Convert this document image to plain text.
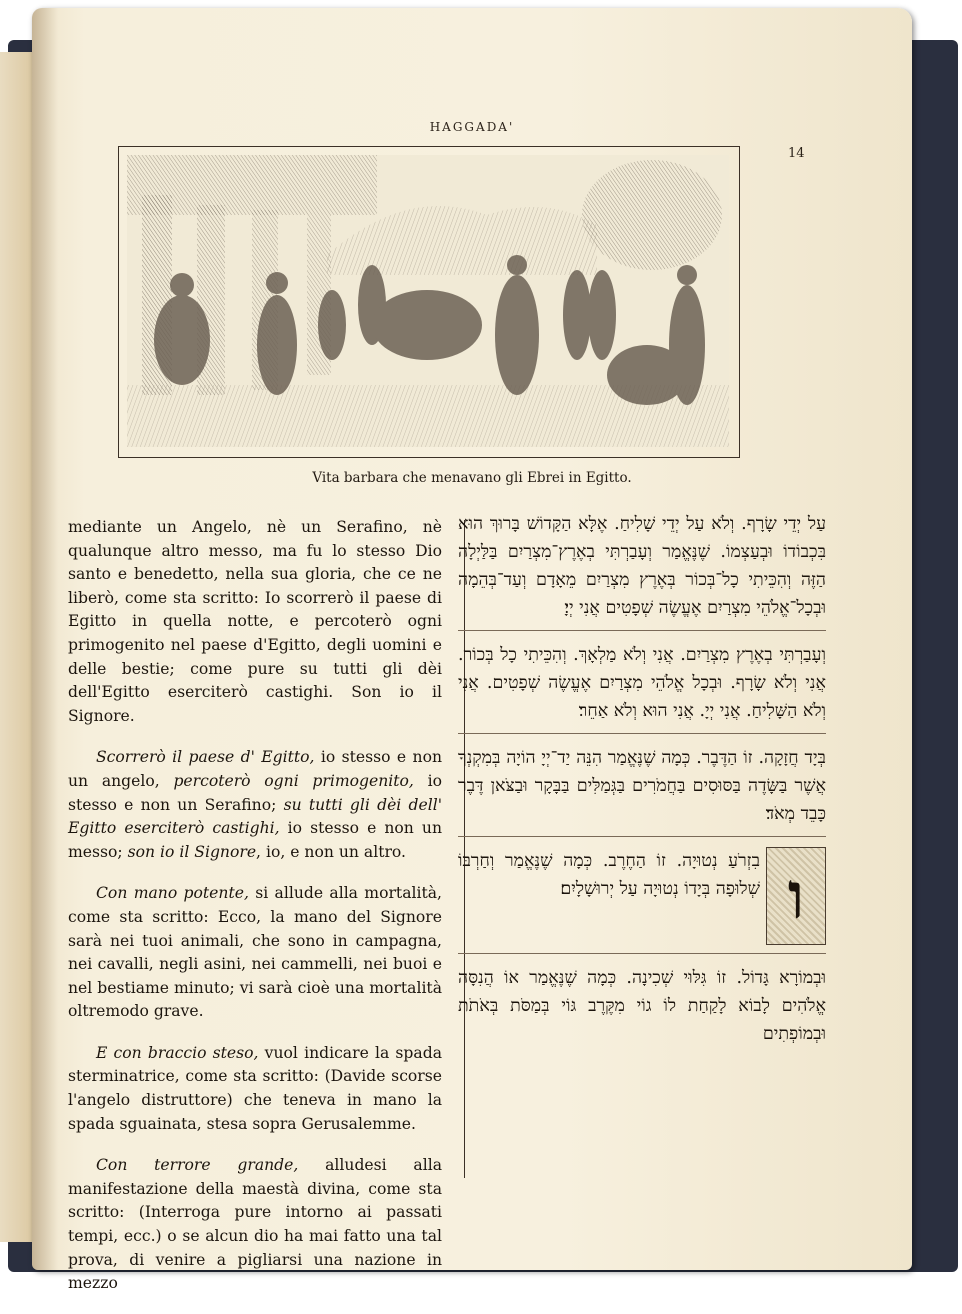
HAGGADA'
14
Vita barbara che menavano gli Ebrei in Egitto.

mediante un Angelo, nè un Serafino, nè qualunque altro messo, ma fu lo stesso Dio santo e benedetto, nella sua gloria, che ce ne liberò, come sta scritto: Io scorrerò il paese di Egitto in quella notte, e percoterò ogni primogenito nel paese d'Egitto, degli uomini e delle bestie; come pure su tutti gli dèi dell'Egitto eserciterò castighi. Son io il Signore.

Scorrerò il paese d' Egitto, io stesso e non un angelo, percoterò ogni primogenito, io stesso e non un Serafino; su tutti gli dèi dell' Egitto eserciterò castighi, io stesso e non un messo; son io il Signore, io, e non un altro.

Con mano potente, si allude alla mortalità, come sta scritto: Ecco, la mano del Signore sarà nei tuoi animali, che sono in campagna, nei cavalli, negli asini, nei cammelli, nei buoi e nel bestiame minuto; vi sarà cioè una mortalità oltremodo grave.

E con braccio steso, vuol indicare la spada sterminatrice, come sta scritto: (Davide scorse l'angelo distruttore) che teneva in mano la spada sguainata, stesa sopra Gerusalemme.

Con terrore grande, alludesi alla manifestazione della maestà divina, come sta scritto: (Interroga pure intorno ai passati tempi, ecc.) o se alcun dio ha mai fatto una tal prova, di venire a pigliarsi una nazione in mezzo

עַל יְדֵי שָׂרָף. וְלֹא עַל יְדֵי שָׁלִיחַ. אֶלָּא הַקָּדוֹשׁ בָּרוּךְ הוּא בִּכְבוֹדוֹ וּבְעַצְמוֹ. שֶׁנֶּאֱמַר וְעָבַרְתִּי בְאֶרֶץ־מִצְרַיִם בַּלַּיְלָה הַזֶּה וְהִכֵּיתִי כָל־בְּכוֹר בְּאֶרֶץ מִצְרַיִם מֵאָדָם וְעַד־בְּהֵמָה וּבְכָל־אֱלֹהֵי מִצְרַיִם אֶעֱשֶׂה שְׁפָטִים אֲנִי יְיָ׃

וְעָבַרְתִּי בְאֶרֶץ מִצְרַיִם. אֲנִי וְלֹא מַלְאָךְ. וְהִכֵּיתִי כָל בְּכוֹר. אֲנִי וְלֹא שָׂרָף. וּבְכָל אֱלֹהֵי מִצְרַיִם אֶעֱשֶׂה שְׁפָטִים. אֲנִי וְלֹא הַשָּׁלִיחַ. אֲנִי יְיָ. אֲנִי הוּא וְלֹא אַחֵר׃

בְּיָד חֲזָקָה. זוֹ הַדֶּבֶר. כְּמָה שֶׁנֶּאֱמַר הִנֵּה יַד־יְיָ הוֹיָה בְּמִקְנְךָ אֲשֶׁר בַּשָּׂדֶה בַּסּוּסִים בַּחֲמֹרִים בַּגְּמַלִּים בַּבָּקָר וּבַצֹּאן דֶּבֶר כָּבֵד מְאֹד׃

ו

בִזְרֹעַ נְטוּיָה. זוֹ הַחֶרֶב. כְּמָה שֶׁנֶּאֱמַר וְחַרְבּוֹ שְׁלוּפָה בְּיָדוֹ נְטוּיָה עַל יְרוּשָׁלָיִם׃

וּבְמוֹרָא גָּדוֹל. זוֹ גִּלּוּי שְׁכִינָה. כְּמָה שֶׁנֶּאֱמַר אוֹ הֲנִסָּה אֱלֹהִים לָבוֹא לָקַחַת לוֹ גוֹי מִקֶּרֶב גּוֹי בְּמַסֹּת בְּאֹתֹת וּבְמוֹפְתִים
